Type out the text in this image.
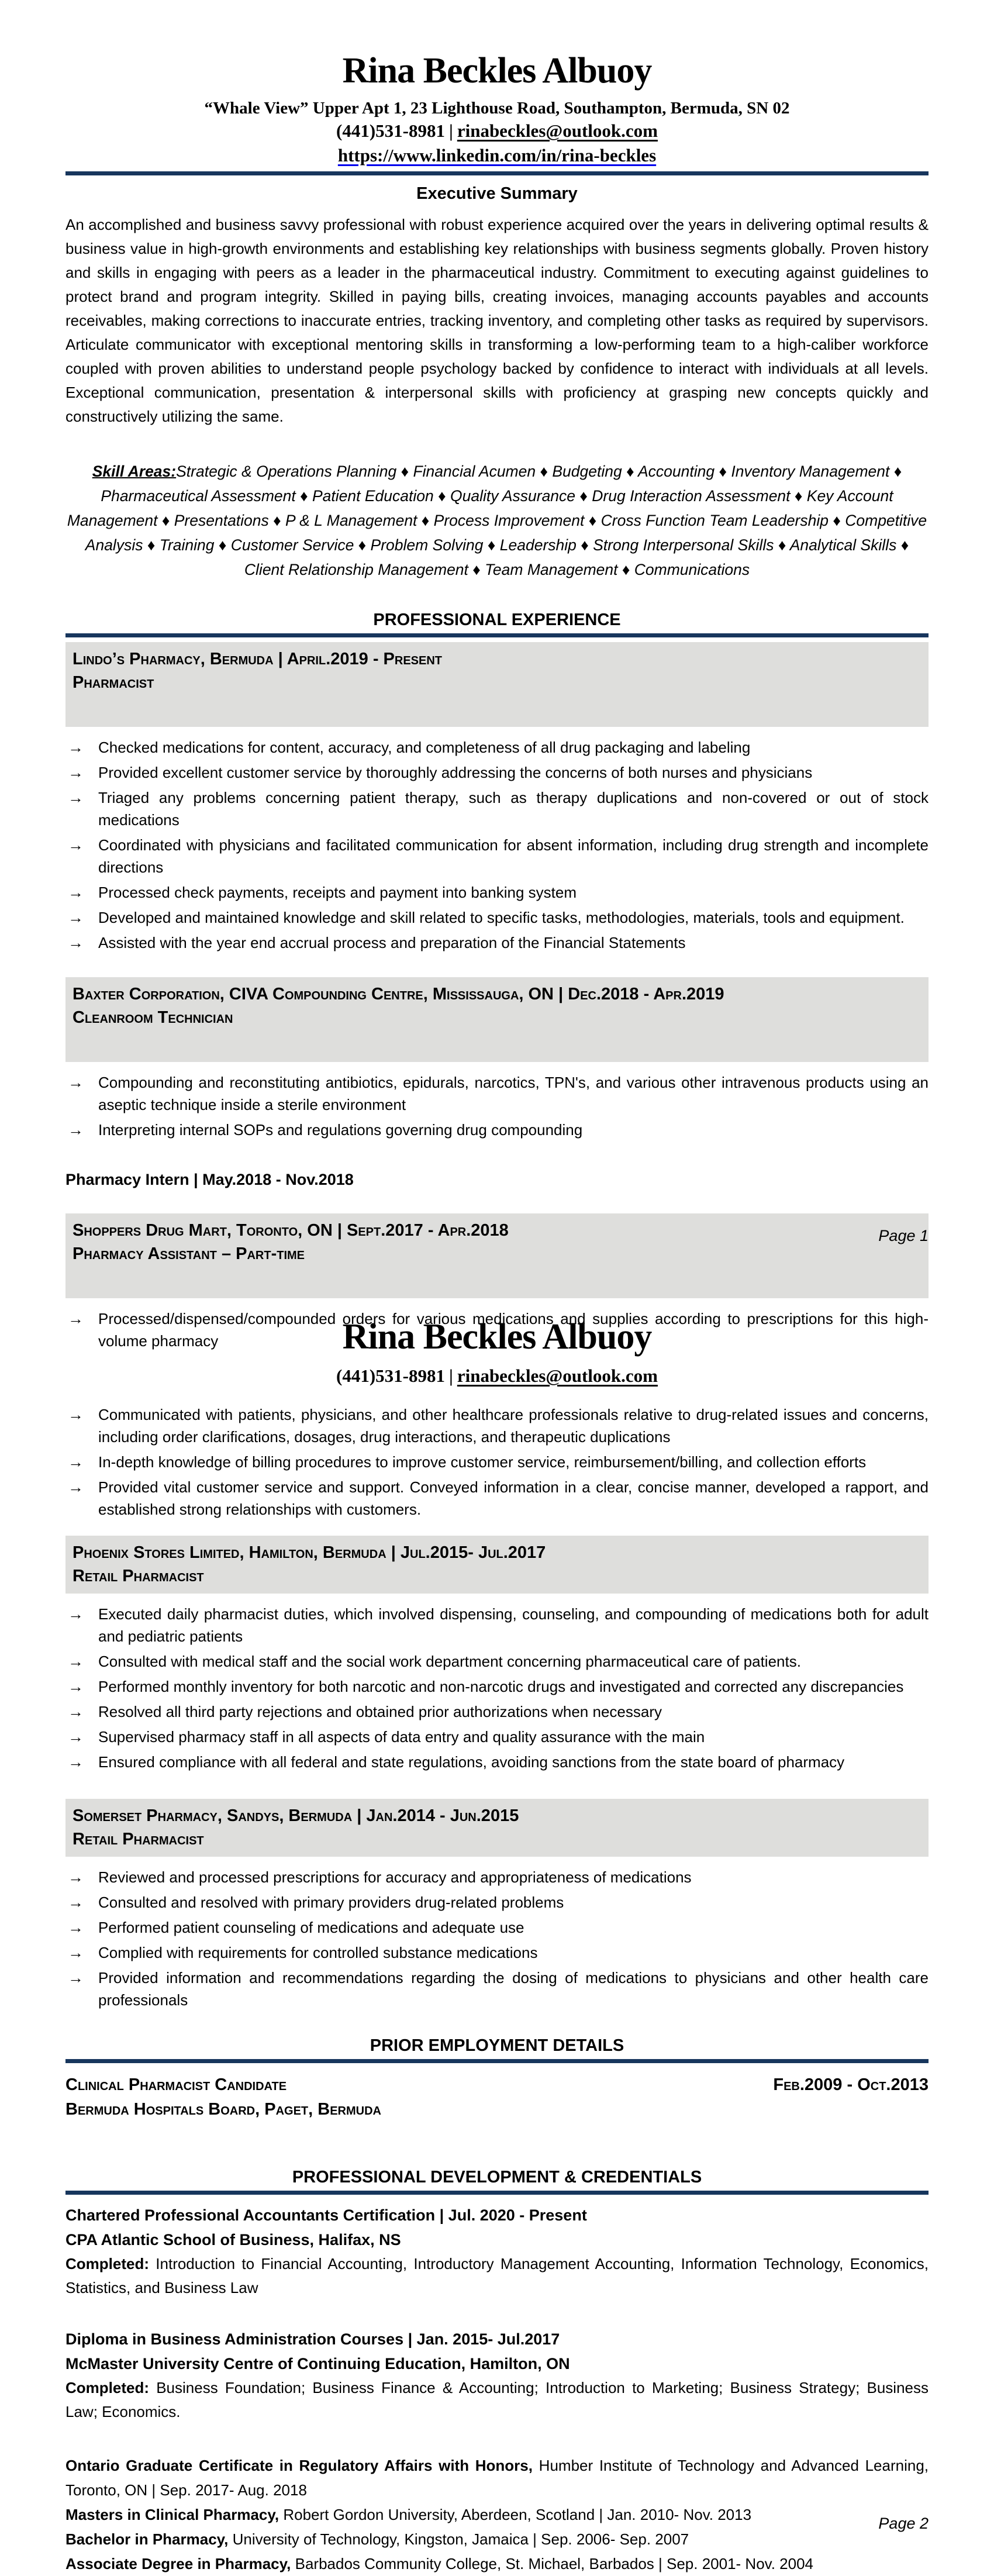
Rina Beckles Albuoy
“Whale View” Upper Apt 1, 23 Lighthouse Road, Southampton, Bermuda, SN 02
(441)531-8981 | rinabeckles@outlook.com
https://www.linkedin.com/in/rina-beckles
Executive Summary
An accomplished and business savvy professional with robust experience acquired over the years in delivering optimal results & business value in high-growth environments and establishing key relationships with business segments globally. Proven history and skills in engaging with peers as a leader in the pharmaceutical industry. Commitment to executing against guidelines to protect brand and program integrity. Skilled in paying bills, creating invoices, managing accounts payables and accounts receivables, making corrections to inaccurate entries, tracking inventory, and completing other tasks as required by supervisors. Articulate communicator with exceptional mentoring skills in transforming a low-performing team to a high-caliber workforce coupled with proven abilities to understand people psychology backed by confidence to interact with individuals at all levels. Exceptional communication, presentation & interpersonal skills with proficiency at grasping new concepts quickly and constructively utilizing the same.
Skill Areas:Strategic & Operations Planning ♦ Financial Acumen ♦ Budgeting ♦ Accounting ♦ Inventory Management ♦ Pharmaceutical Assessment ♦ Patient Education ♦ Quality Assurance ♦ Drug Interaction Assessment ♦ Key Account Management ♦ Presentations ♦ P & L Management ♦ Process Improvement ♦ Cross Function Team Leadership ♦ Competitive Analysis ♦ Training ♦ Customer Service ♦ Problem Solving ♦ Leadership ♦ Strong Interpersonal Skills ♦ Analytical Skills ♦ Client Relationship Management ♦ Team Management ♦ Communications
PROFESSIONAL EXPERIENCE
Lindo’s Pharmacy, Bermuda | April.2019 - Present
Pharmacist
→ Checked medications for content, accuracy, and completeness of all drug packaging and labeling
→ Provided excellent customer service by thoroughly addressing the concerns of both nurses and physicians
→ Triaged any problems concerning patient therapy, such as therapy duplications and non-covered or out of stock medications
→ Coordinated with physicians and facilitated communication for absent information, including drug strength and incomplete directions
→ Processed check payments, receipts and payment into banking system
→ Developed and maintained knowledge and skill related to specific tasks, methodologies, materials, tools and equipment.
→ Assisted with the year end accrual process and preparation of the Financial Statements
Baxter Corporation, CIVA Compounding Centre, Mississauga, ON | Dec.2018 - Apr.2019
Cleanroom Technician
→ Compounding and reconstituting antibiotics, epidurals, narcotics, TPN's, and various other intravenous products using an aseptic technique inside a sterile environment
→ Interpreting internal SOPs and regulations governing drug compounding
Pharmacy Intern | May.2018 - Nov.2018
Shoppers Drug Mart, Toronto, ON | Sept.2017 - Apr.2018
Pharmacy Assistant – Part-time
→ Processed/dispensed/compounded orders for various medications and supplies according to prescriptions for this high-volume pharmacy
Page 1
Rina Beckles Albuoy
(441)531-8981 | rinabeckles@outlook.com
→ Communicated with patients, physicians, and other healthcare professionals relative to drug-related issues and concerns, including order clarifications, dosages, drug interactions, and therapeutic duplications
→ In-depth knowledge of billing procedures to improve customer service, reimbursement/billing, and collection efforts
→ Provided vital customer service and support. Conveyed information in a clear, concise manner, developed a rapport, and established strong relationships with customers.
Phoenix Stores Limited, Hamilton, Bermuda | Jul.2015- Jul.2017
Retail Pharmacist
→ Executed daily pharmacist duties, which involved dispensing, counseling, and compounding of medications both for adult and pediatric patients
→ Consulted with medical staff and the social work department concerning pharmaceutical care of patients.
→ Performed monthly inventory for both narcotic and non-narcotic drugs and investigated and corrected any discrepancies
→ Resolved all third party rejections and obtained prior authorizations when necessary
→ Supervised pharmacy staff in all aspects of data entry and quality assurance with the main
→ Ensured compliance with all federal and state regulations, avoiding sanctions from the state board of pharmacy
Somerset Pharmacy, Sandys, Bermuda | Jan.2014 - Jun.2015
Retail Pharmacist
→ Reviewed and processed prescriptions for accuracy and appropriateness of medications
→ Consulted and resolved with primary providers drug-related problems
→ Performed patient counseling of medications and adequate use
→ Complied with requirements for controlled substance medications
→ Provided information and recommendations regarding the dosing of medications to physicians and other health care professionals
PRIOR EMPLOYMENT DETAILS
Clinical Pharmacist Candidate	Feb.2009 - Oct.2013
Bermuda Hospitals Board, Paget, Bermuda
PROFESSIONAL DEVELOPMENT & CREDENTIALS
Chartered Professional Accountants Certification | Jul. 2020 - Present
CPA Atlantic School of Business, Halifax, NS
Completed: Introduction to Financial Accounting, Introductory Management Accounting, Information Technology, Economics, Statistics, and Business Law
Diploma in Business Administration Courses | Jan. 2015- Jul.2017
McMaster University Centre of Continuing Education, Hamilton, ON
Completed: Business Foundation; Business Finance & Accounting; Introduction to Marketing; Business Strategy; Business Law; Economics.
Ontario Graduate Certificate in Regulatory Affairs with Honors, Humber Institute of Technology and Advanced Learning, Toronto, ON | Sep. 2017- Aug. 2018
Masters in Clinical Pharmacy, Robert Gordon University, Aberdeen, Scotland | Jan. 2010- Nov. 2013
Bachelor in Pharmacy, University of Technology, Kingston, Jamaica | Sep. 2006- Sep. 2007
Associate Degree in Pharmacy, Barbados Community College, St. Michael, Barbados | Sep. 2001- Nov. 2004
Page 2
